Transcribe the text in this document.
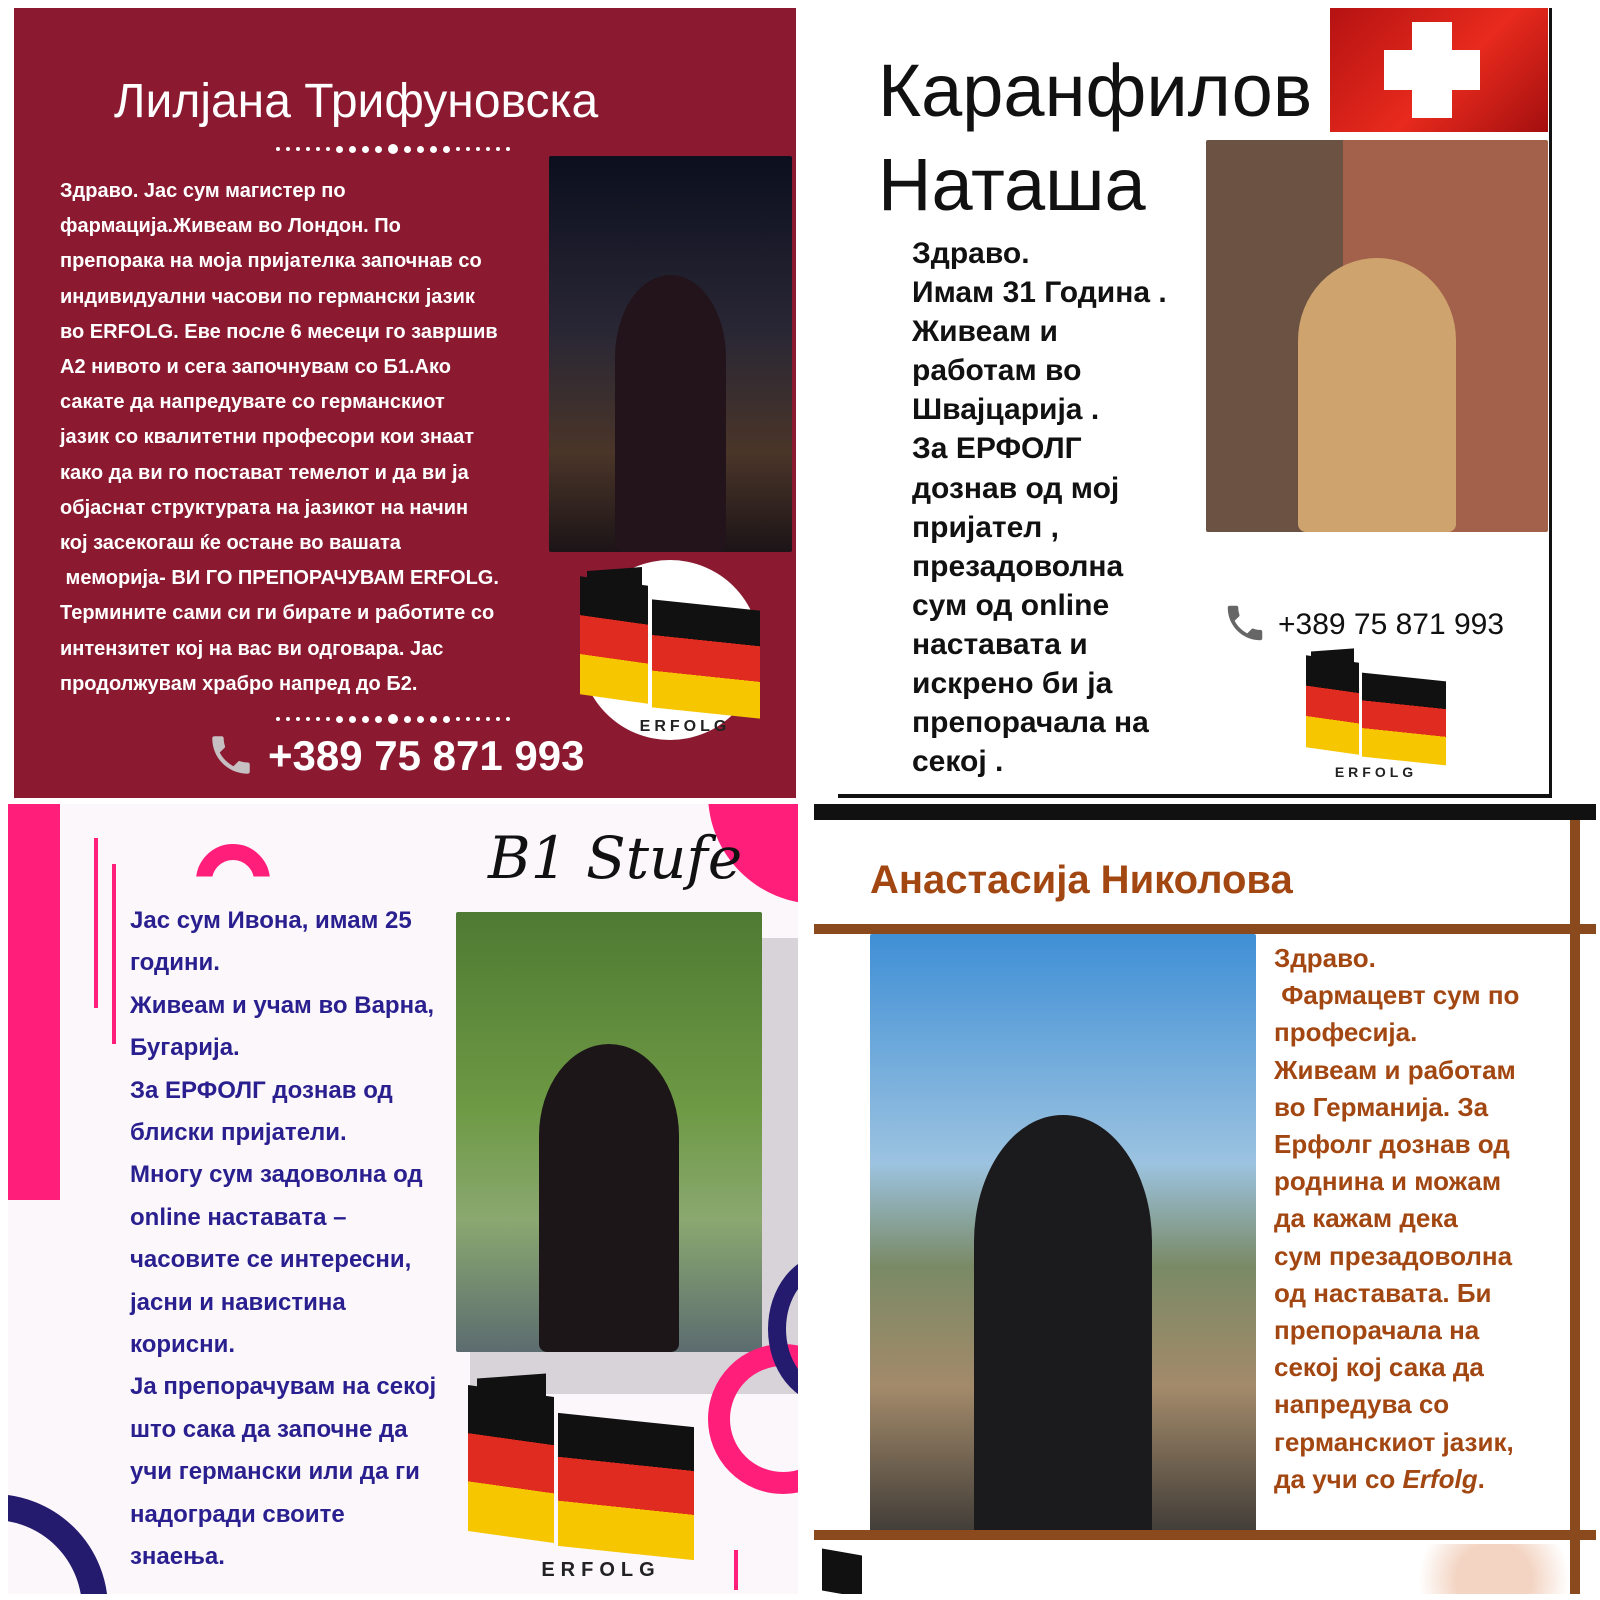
Лилјана Трифуновска
Здраво. Јас сум магистер по
фармација.Живеам во Лондон. По
препорака на моја пријателка започнав со
индивидуални часови по германски јазик
во ERFOLG. Еве после 6 месеци го завршив
А2 нивото и сега започнувам со Б1.Ако
сакате да напредувате со германскиот
јазик со квалитетни професори кои знаат
како да ви го постават темелот и да ви ја
објаснат структурата на јазикот на начин
кој засекогаш ќе остане во вашата
меморија- ВИ ГО ПРЕПОРАЧУВАМ ERFOLG.
Термините сами си ги бирате и работите со
интензитет кој на вас ви одговара. Јас
продолжувам храбро напред до Б2.
ERFOLG
+389 75 871 993
Каранфилов
Наташа
Здраво.
Имам 31 Година .
Живеам и
работам во
Швајцарија .
За ЕРФОЛГ
дознав од мој
пријател ,
презадоволна
сум од online
наставата и
искрено би ја
препорачала на
секој .
+389 75 871 993
ERFOLG
B1 Stufe
Јас сум Ивона, имам 25
години.
Живеам и учам во Варна,
Бугарија.
За ЕРФОЛГ дознав од
блиски пријатели.
Многу сум задоволна од
online наставата –
часовите се интересни,
јасни и навистина
корисни.
Ја препорачувам на секој
што сака да започне да
учи германски или да ги
надогради своите
знаења.	ERFOLG
Анастасија Николова
Здраво.
Фармацевт сум по
професија.
Живеам и работам
во Германија. За
Ерфолг дознав од
роднина и можам
да кажам дека
сум презадоволна
од наставата. Би
препорачала на
секој кој сака да
напредува со
германскиот јазик,
да учи со Erfolg.
